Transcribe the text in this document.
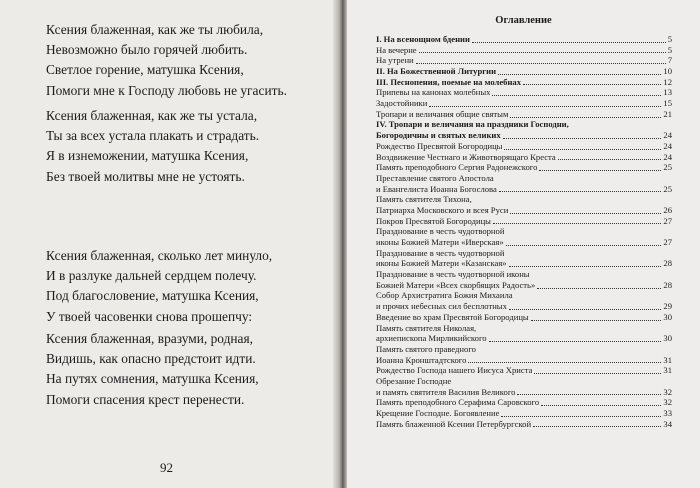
Ксения блаженная, как же ты любила,
Невозможно было горячей любить.
Светлое горение, матушка Ксения,
Помоги мне к Господу любовь не угасить.
Ксения блаженная, как же ты устала,
Ты за всех устала плакать и страдать.
Я в изнеможении, матушка Ксения,
Без твоей молитвы мне не устоять.
Ксения блаженная, сколько лет минуло,
И в разлуке дальней сердцем полечу.
Под благословение, матушка Ксения,
У твоей часовенки снова прошепчу:
Ксения блаженная, вразуми, родная,
Видишь, как опасно предстоит идти.
На путях сомнения, матушка Ксения,
Помоги спасения крест перенести.
92
Оглавление
I. На всенощном бдении	5
На вечерне	5
На утрени	7
II. На Божественной Литургии	10
III. Песнопения, поемые на молебнах	12
Припевы на канонах молебных	13
Задостойники	15
Тропари и величания общие святым	21
IV. Тропари и величания на праздники Господни,
Богородичны и святых великих	24
Рождество Пресвятой Богородицы	24
Воздвижение Честнаго и Животворящаго Креста	24
Память преподобного Сергия Радонежского	25
Преставление святого Апостола
и Евангелиста Иоанна Богослова	25
Память святителя Тихона,
Патриарха Московского и всея Руси	26
Покров Пресвятой Богородицы	27
Празднование в честь чудотворной
иконы Божией Матери «Иверская»	27
Празднование в честь чудотворной
иконы Божией Матери «Казанская»	28
Празднование в честь чудотворной иконы
Божией Матери «Всех скорбящих Радость»	28
Собор Архистратига Божия Михаила
и прочих небесных сил бесплотных	29
Введение во храм Пресвятой Богородицы	30
Память святителя Николая,
архиепископа Мирликийского	30
Память святого праведного
Иоанна Кронштадтского	31
Рождество Господа нашего Иисуса Христа	31
Обрезание Господне
и память святителя Василия Великого	32
Память преподобного Серафима Саровского	32
Крещение Господне. Богоявление	33
Память блаженной Ксении Петербургской	34
